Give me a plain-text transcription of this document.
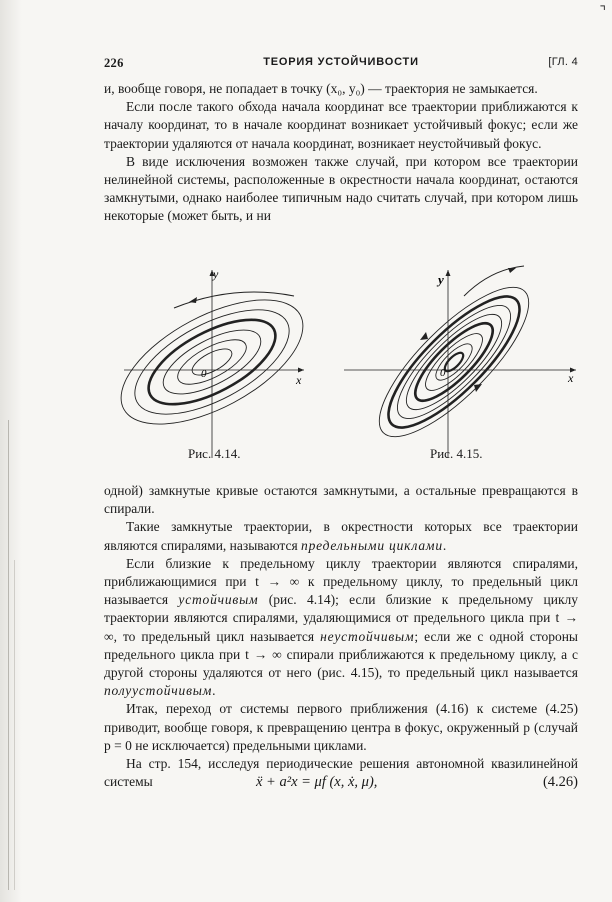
⌝
226	ТЕОРИЯ УСТОЙЧИВОСТИ	[ГЛ. 4

и, вообще говоря, не попадает в точку (x₀, y₀) — траектория не замыкается.

Если после такого обхода начала координат все траектории приближаются к началу координат, то в начале координат возникает устойчивый фокус; если же траектории удаляются от начала координат, возникает неустойчивый фокус.

В виде исключения возможен также случай, при котором все траектории нелинейной системы, расположенные в окрестности начала координат, остаются замкнутыми, однако наиболее типичным надо считать случай, при котором лишь некоторые (может быть, и ни

y
x
0
y
x
0
Рис. 4.14.	Рис. 4.15.

одной) замкнутые кривые остаются замкнутыми, а остальные превращаются в спирали.

Такие замкнутые траектории, в окрестности которых все траектории являются спиралями, называются предельными циклами.

Если близкие к предельному циклу траектории являются спиралями, приближающимися при t → ∞ к предельному циклу, то предельный цикл называется устойчивым (рис. 4.14); если близкие к предельному циклу траектории являются спиралями, удаляющимися от предельного цикла при t → ∞, то предельный цикл называется неустойчивым; если же с одной стороны предельного цикла при t → ∞ спирали приближаются к предельному циклу, а с другой стороны удаляются от него (рис. 4.15), то предельный цикл называется полуустойчивым.

Итак, переход от системы первого приближения (4.16) к системе (4.25) приводит, вообще говоря, к превращению центра в фокус, окруженный p (случай p = 0 не исключается) предельными циклами.

На стр. 154, исследуя периодические решения автономной квазилинейной системы	ẍ + a²x = μf (x, ẋ, μ),	(4.26)
